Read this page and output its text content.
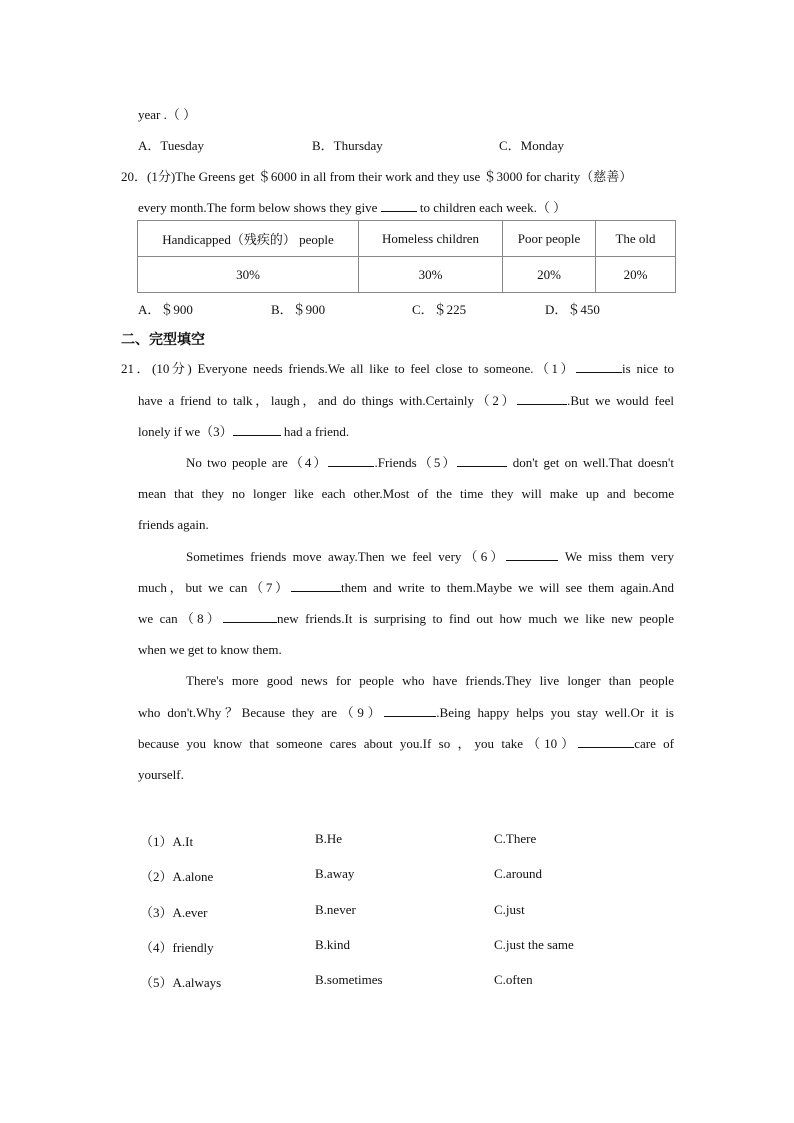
year .（ ）
A．Tuesday	B．Thursday	C．Monday
20．(1分)The Greens get ＄6000 in all from their work and they use ＄3000 for charity（慈善）
every month.The form below shows they give	to children each week.（ ）
Handicapped（残疾的） people	Homeless children	Poor people	The old
30%	30%	20%	20%
A．＄900	B．＄900	C．＄225	D．＄450
二、完型填空
21．(10分) Everyone needs friends.We all like to feel close to someone.（1）	is nice to
have a friend to talk，laugh，and do things with.Certainly（2）	.But we would feel
lonely if we（3）	had a friend.
No two people are（4）	.Friends（5）	don't get on well.That doesn't
mean that they no longer like each other.Most of the time they will make up and become
friends again.
Sometimes friends move away.Then we feel very（6）	We miss them very
much，but we can（7）	them and write to them.Maybe we will see them again.And
we can（8）	new friends.It is surprising to find out how much we like new people
when we get to know them.
There's more good news for people who have friends.They live longer than people
who don't.Why？Because they are（9）	.Being happy helps you stay well.Or it is
because you know that someone cares about you.If so ，you take（10）	care of
yourself.
（1）A.It	B.He	C.There
（2）A.alone	B.away	C.around
（3）A.ever	B.never	C.just
（4）friendly	B.kind	C.just the same
（5）A.always	B.sometimes	C.often
